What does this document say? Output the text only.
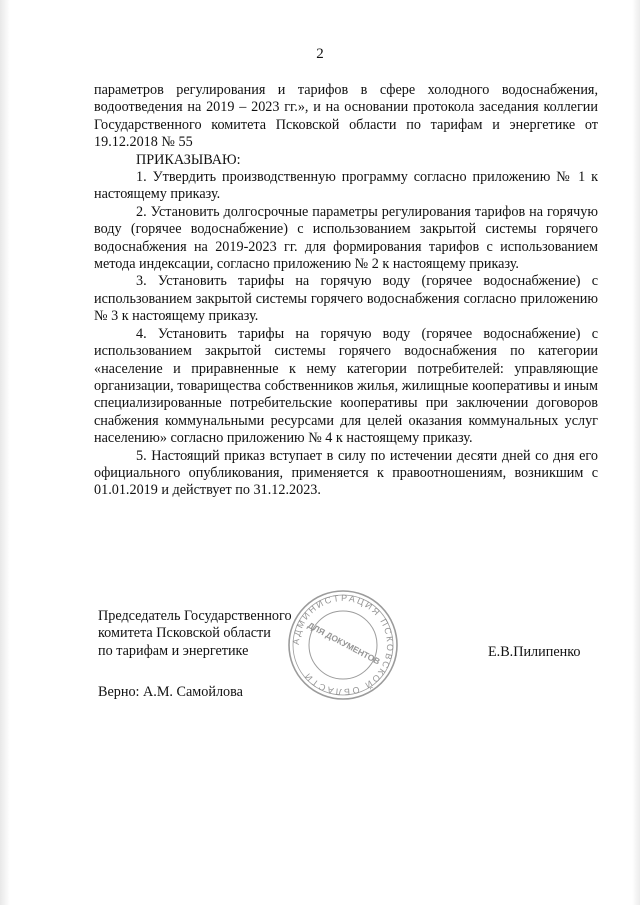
2

параметров регулирования и тарифов в сфере холодного водоснабжения, водоотведения на 2019 – 2023 гг.», и на основании протокола заседания коллегии Государственного комитета Псковской области по тарифам и энергетике от 19.12.2018 № 55

ПРИКАЗЫВАЮ:

1. Утвердить производственную программу согласно приложению № 1 к настоящему приказу.

2. Установить долгосрочные параметры регулирования тарифов на горячую воду (горячее водоснабжение) с использованием закрытой системы горячего водоснабжения на 2019-2023 гг. для формирования тарифов с использованием метода индексации, согласно приложению № 2 к настоящему приказу.

3. Установить тарифы на горячую воду (горячее водоснабжение) с использованием закрытой системы горячего водоснабжения согласно приложению № 3 к настоящему приказу.

4. Установить тарифы на горячую воду (горячее водоснабжение) с использованием закрытой системы горячего водоснабжения по категории «население и приравненные к нему категории потребителей: управляющие организации, товарищества собственников жилья, жилищные кооперативы и иным специализированные потребительские кооперативы при заключении договоров снабжения коммунальными ресурсами для целей оказания коммунальных услуг населению» согласно приложению № 4 к настоящему приказу.

5. Настоящий приказ вступает в силу по истечении десяти дней со дня его официального опубликования, применяется к правоотношениям, возникшим с 01.01.2019 и действует по 31.12.2023.

Председатель Государственного
комитета Псковской области
по тарифам и энергетике	Е.В.Пилипенко
Верно: А.М. Самойлова
АДМИНИСТРАЦИЯ ПСКОВСКОЙ ОБЛАСТИ
ДЛЯ ДОКУМЕНТОВ
